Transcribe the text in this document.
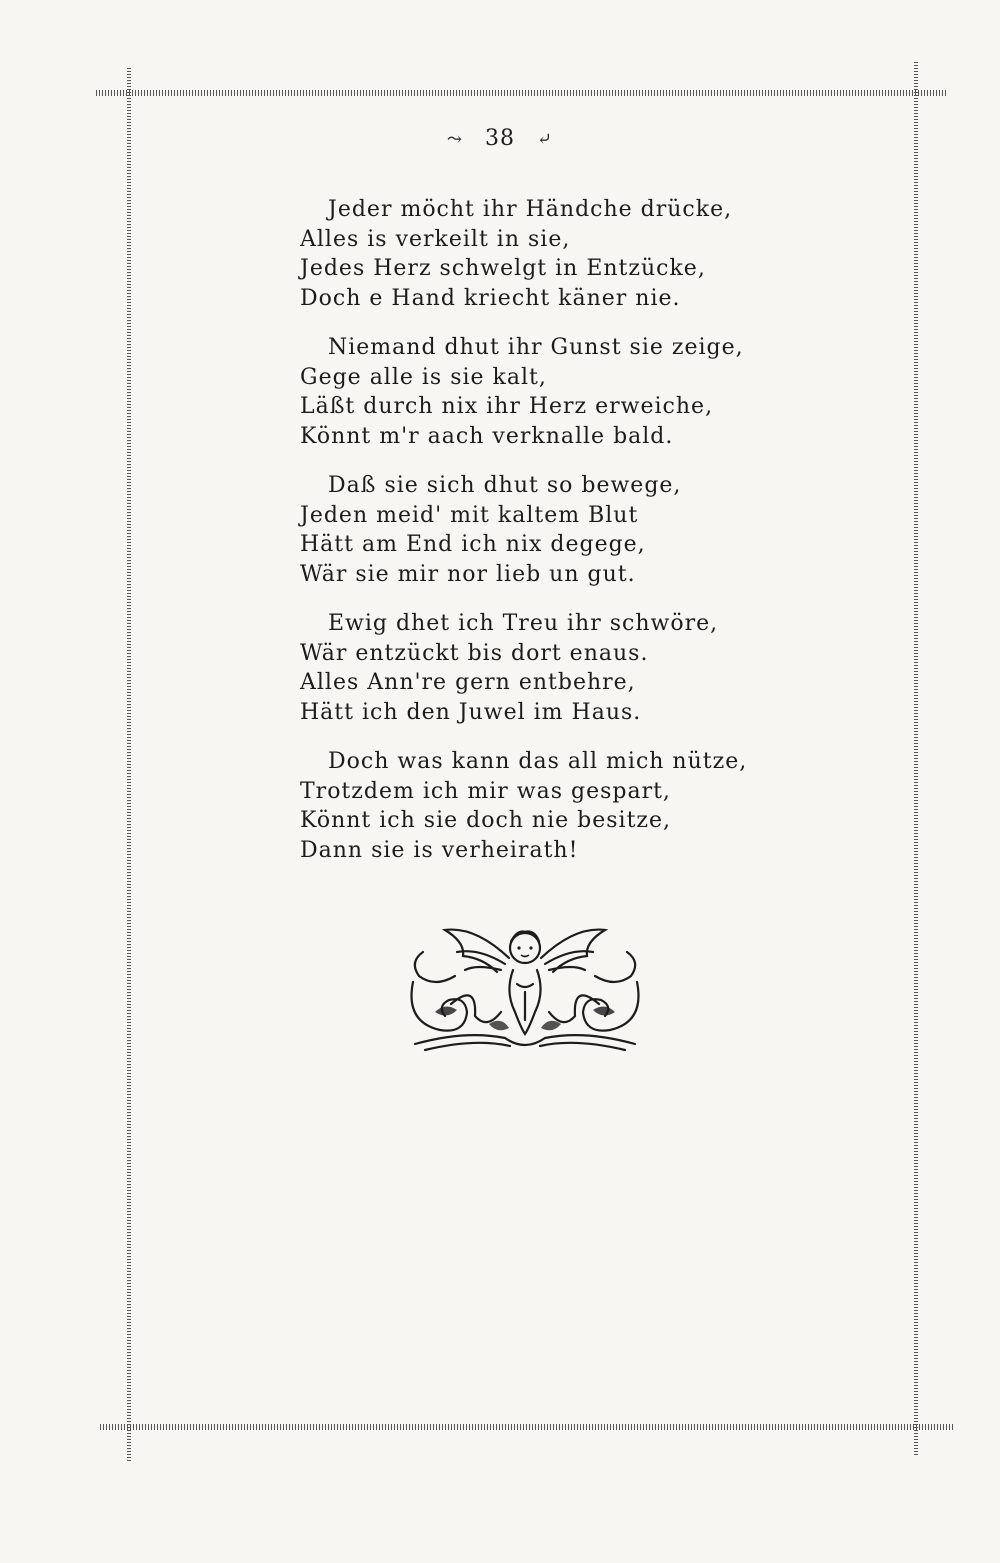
⤳ 38 ⤶
Jeder möcht ihr Händche drücke,
Alles is verkeilt in sie,
Jedes Herz schwelgt in Entzücke,
Doch e Hand kriecht käner nie.
Niemand dhut ihr Gunst sie zeige,
Gege alle is sie kalt,
Läßt durch nix ihr Herz erweiche,
Könnt m'r aach verknalle bald.
Daß sie sich dhut so bewege,
Jeden meid' mit kaltem Blut
Hätt am End ich nix degege,
Wär sie mir nor lieb un gut.
Ewig dhet ich Treu ihr schwöre,
Wär entzückt bis dort enaus.
Alles Ann're gern entbehre,
Hätt ich den Juwel im Haus.
Doch was kann das all mich nütze,
Trotzdem ich mir was gespart,
Könnt ich sie doch nie besitze,
Dann sie is verheirath!
